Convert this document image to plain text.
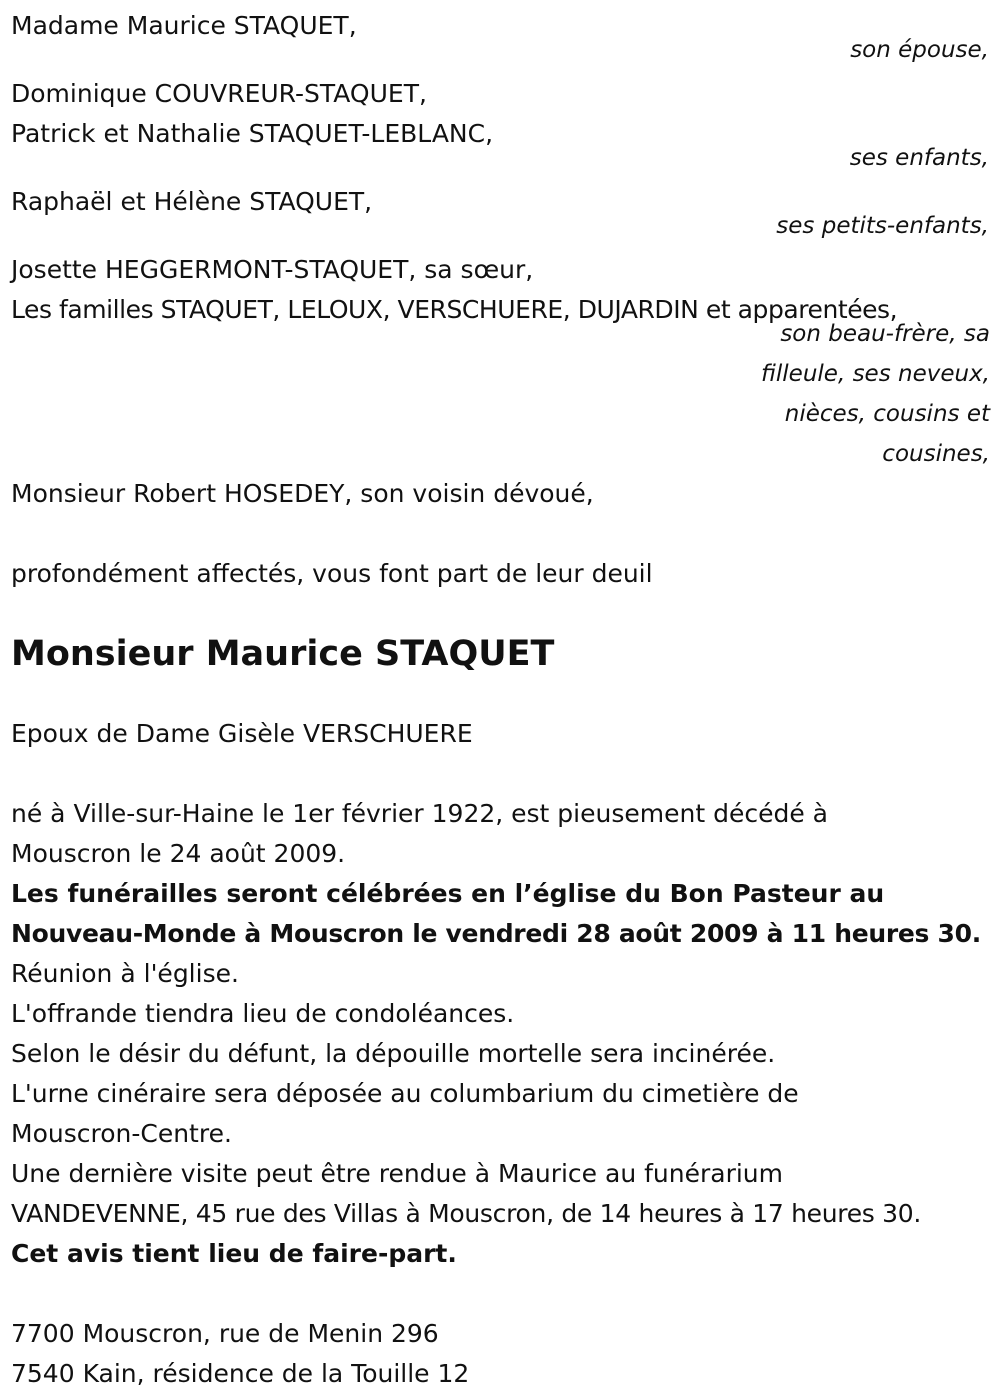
Madame Maurice STAQUET,

son épouse,

Dominique COUVREUR-STAQUET,

Patrick et Nathalie STAQUET-LEBLANC,

ses enfants,

Raphaël et Hélène STAQUET,

ses petits-enfants,

Josette HEGGERMONT-STAQUET, sa sœur,

Les familles STAQUET, LELOUX, VERSCHUERE, DUJARDIN et apparentées,

son beau-frère, sa

filleule, ses neveux,

nièces, cousins et

cousines,

Monsieur Robert HOSEDEY, son voisin dévoué,

profondément affectés, vous font part de leur deuil

Monsieur Maurice STAQUET

Epoux de Dame Gisèle VERSCHUERE

né à Ville-sur-Haine le 1er février 1922, est pieusement décédé à

Mouscron le 24 août 2009.

Les funérailles seront célébrées en l’église du Bon Pasteur au

Nouveau-Monde à Mouscron le vendredi 28 août 2009 à 11 heures 30.

Réunion à l'église.

L'offrande tiendra lieu de condoléances.

Selon le désir du défunt, la dépouille mortelle sera incinérée.

L'urne cinéraire sera déposée au columbarium du cimetière de

Mouscron-Centre.

Une dernière visite peut être rendue à Maurice au funérarium

VANDEVENNE, 45 rue des Villas à Mouscron, de 14 heures à 17 heures 30.

Cet avis tient lieu de faire-part.

7700 Mouscron, rue de Menin 296

7540 Kain, résidence de la Touille 12
